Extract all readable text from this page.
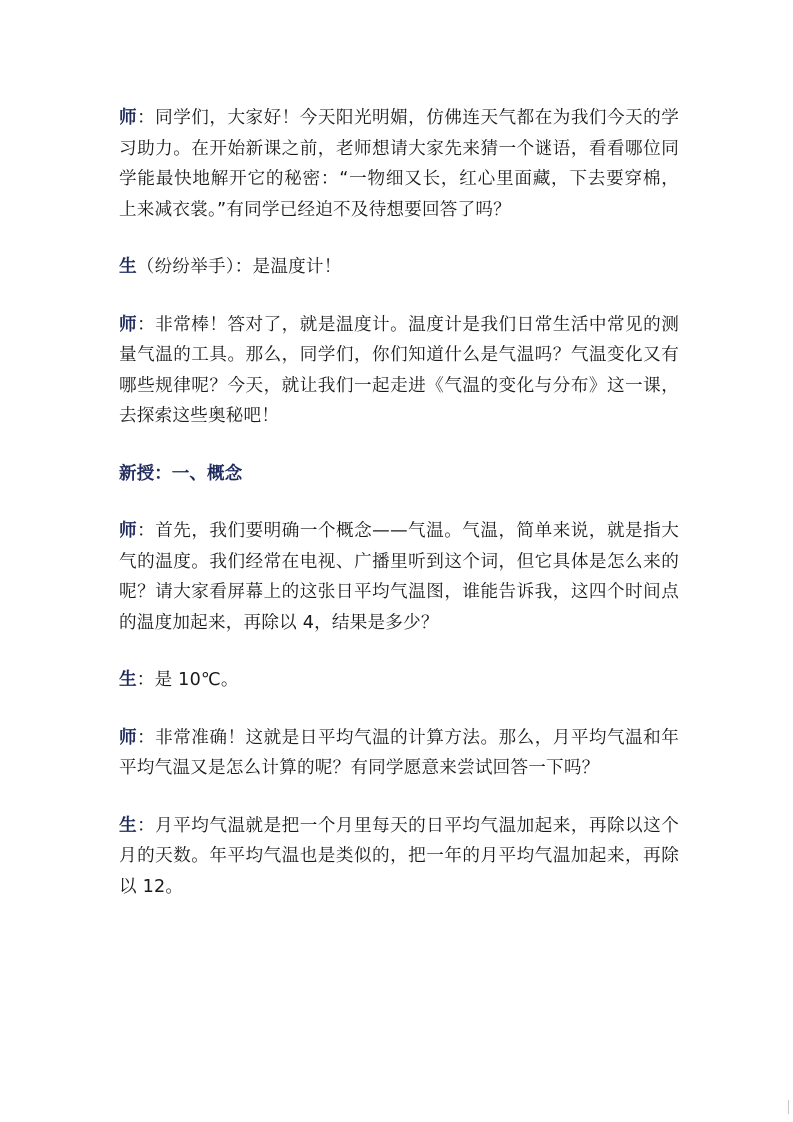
师：同学们，大家好！今天阳光明媚，仿佛连天气都在为我们今天的学习助力。在开始新课之前，老师想请大家先来猜一个谜语，看看哪位同学能最快地解开它的秘密：“一物细又长，红心里面藏，下去要穿棉，上来减衣裳。”有同学已经迫不及待想要回答了吗？

生（纷纷举手）：是温度计！

师：非常棒！答对了，就是温度计。温度计是我们日常生活中常见的测量气温的工具。那么，同学们，你们知道什么是气温吗？气温变化又有哪些规律呢？今天，就让我们一起走进《气温的变化与分布》这一课，去探索这些奥秘吧！

新授：一、概念

师：首先，我们要明确一个概念——气温。气温，简单来说，就是指大气的温度。我们经常在电视、广播里听到这个词，但它具体是怎么来的呢？请大家看屏幕上的这张日平均气温图，谁能告诉我，这四个时间点的温度加起来，再除以 4，结果是多少？

生：是 10℃。

师：非常准确！这就是日平均气温的计算方法。那么，月平均气温和年平均气温又是怎么计算的呢？有同学愿意来尝试回答一下吗？

生：月平均气温就是把一个月里每天的日平均气温加起来，再除以这个月的天数。年平均气温也是类似的，把一年的月平均气温加起来，再除以 12。
